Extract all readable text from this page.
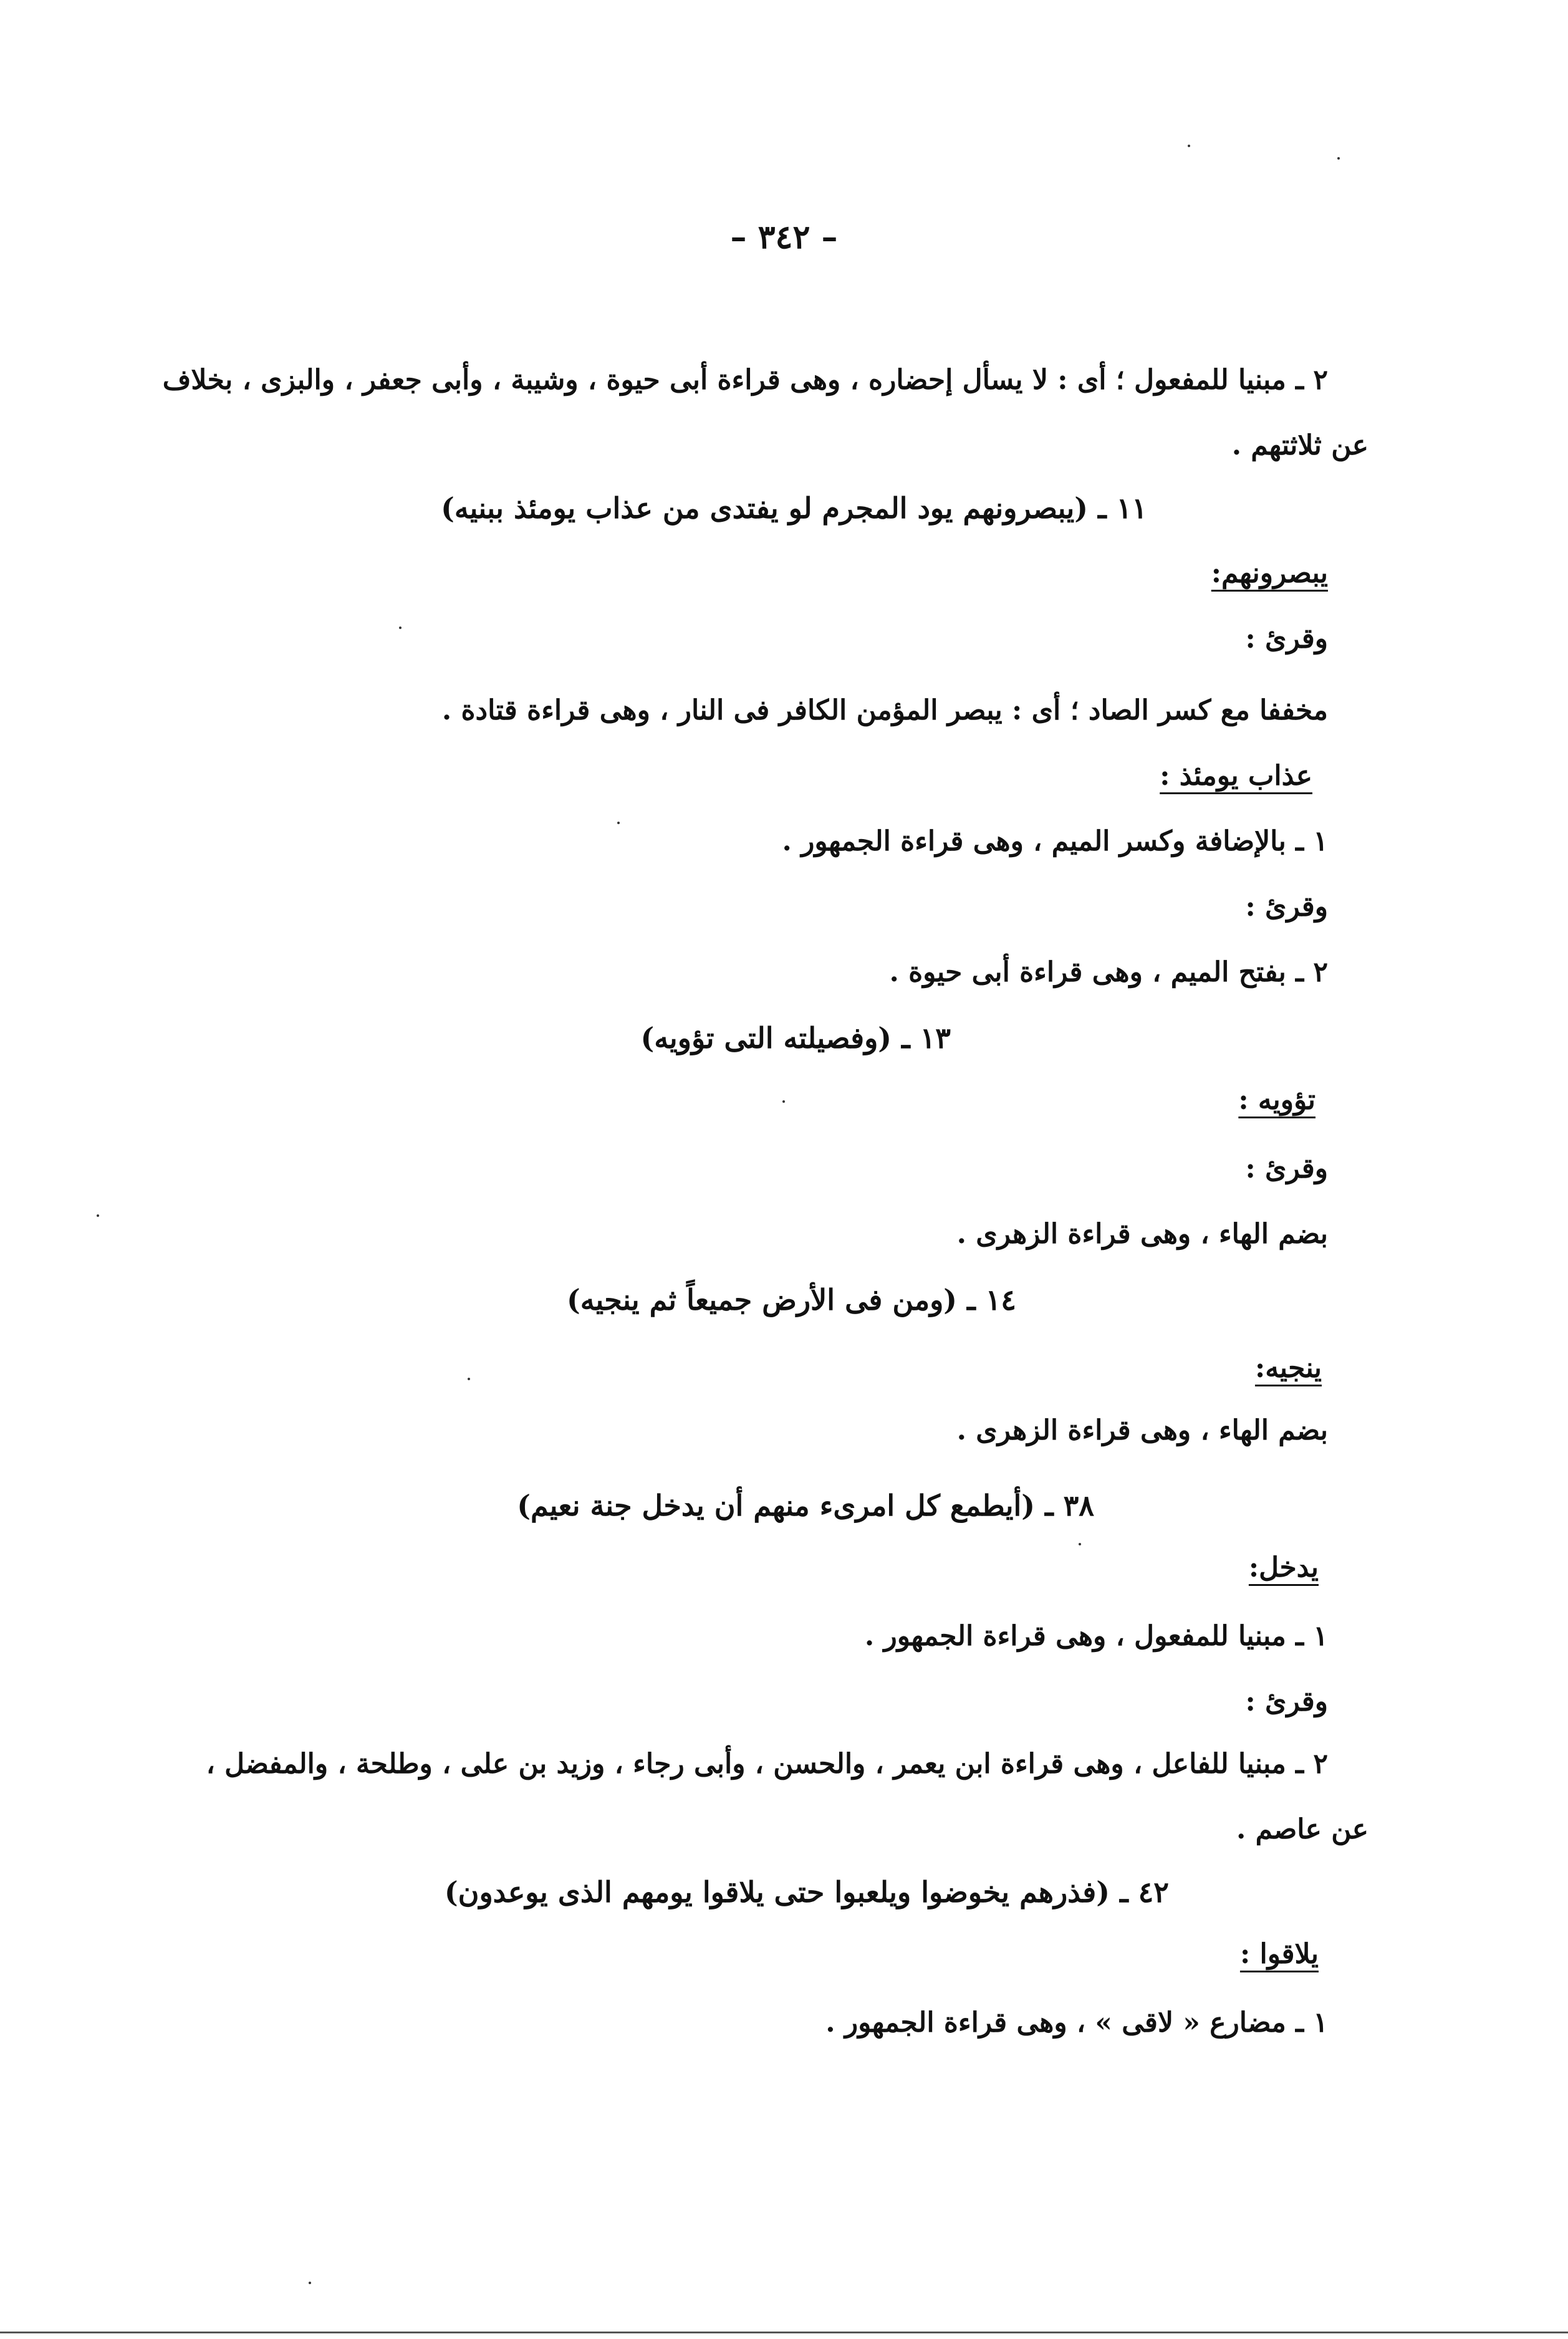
– ٣٤٢ –
٢ ـ مبنيا للمفعول ؛ أى : لا يسأل إحضاره ، وهى قراءة أبى حيوة ، وشيبة ، وأبى جعفر ، والبزى ، بخلاف
عن ثلاثتهم .
١١ ـ (يبصرونهم يود المجرم لو يفتدى من عذاب يومئذ ببنيه)
يبصرونهم:
وقرئ :
مخففا مع كسر الصاد ؛ أى : يبصر المؤمن الكافر فى النار ، وهى قراءة قتادة .
عذاب يومئذ :
١ ـ بالإضافة وكسر الميم ، وهى قراءة الجمهور .
وقرئ :
٢ ـ بفتح الميم ، وهى قراءة أبى حيوة .
١٣ ـ (وفصيلته التى تؤويه)
تؤويه :
وقرئ :
بضم الهاء ، وهى قراءة الزهرى .
١٤ ـ (ومن فى الأرض جميعاً ثم ينجيه)
ينجيه:
بضم الهاء ، وهى قراءة الزهرى .
٣٨ ـ (أيطمع كل امرىء منهم أن يدخل جنة نعيم)
يدخل:
١ ـ مبنيا للمفعول ، وهى قراءة الجمهور .
وقرئ :
٢ ـ مبنيا للفاعل ، وهى قراءة ابن يعمر ، والحسن ، وأبى رجاء ، وزيد بن على ، وطلحة ، والمفضل ،
عن عاصم .
٤٢ ـ (فذرهم يخوضوا ويلعبوا حتى يلاقوا يومهم الذى يوعدون)
يلاقوا :
١ ـ مضارع « لاقى » ، وهى قراءة الجمهور .
